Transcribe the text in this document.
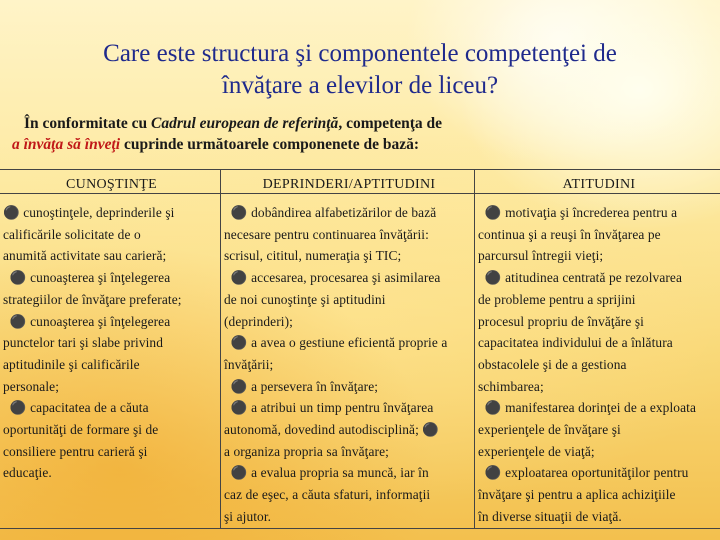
Care este structura şi componentele competenţei de
învăţare a elevilor de liceu?
În conformitate cu Cadrul european de referinţă, competenţa de
a învăţa să înveţi cuprinde următoarele componenete de bază:
CUNOŞTINŢE
⚫ cunoştinţele, deprinderile şi
calificările solicitate de o
anumită activitate sau carieră;
⚫ cunoaşterea şi înţelegerea
strategiilor de învăţare preferate;
⚫ cunoaşterea şi înţelegerea
punctelor tari şi slabe privind
aptitudinile şi calificările
personale;
⚫ capacitatea de a căuta
oportunităţi de formare şi de
consiliere pentru carieră şi
educaţie.
DEPRINDERI/APTITUDINI
⚫ dobândirea alfabetizărilor de bază
necesare pentru continuarea învăţării:
scrisul, cititul, numeraţia şi TIC;
⚫ accesarea, procesarea şi asimilarea
de noi cunoştinţe şi aptitudini
(deprinderi);
⚫ a avea o gestiune eficientă proprie a
învăţării;
⚫ a persevera în învăţare;
⚫ a atribui un timp pentru învăţarea
autonomă, dovedind autodisciplină; ⚫
a organiza propria sa învăţare;
⚫ a evalua propria sa muncă, iar în
caz de eşec, a căuta sfaturi, informaţii
şi ajutor.
ATITUDINI
⚫ motivaţia şi încrederea pentru a
continua şi a reuşi în învăţarea pe
parcursul întregii vieţi;
⚫ atitudinea centrată pe rezolvarea
de probleme pentru a sprijini
procesul propriu de învăţăre şi
capacitatea individului de a înlătura
obstacolele şi de a gestiona
schimbarea;
⚫ manifestarea dorinţei de a exploata
experienţele de învăţare şi
experienţele de viaţă;
⚫ exploatarea oportunităţilor pentru
învăţare şi pentru a aplica achiziţiile
în diverse situaţii de viaţă.
